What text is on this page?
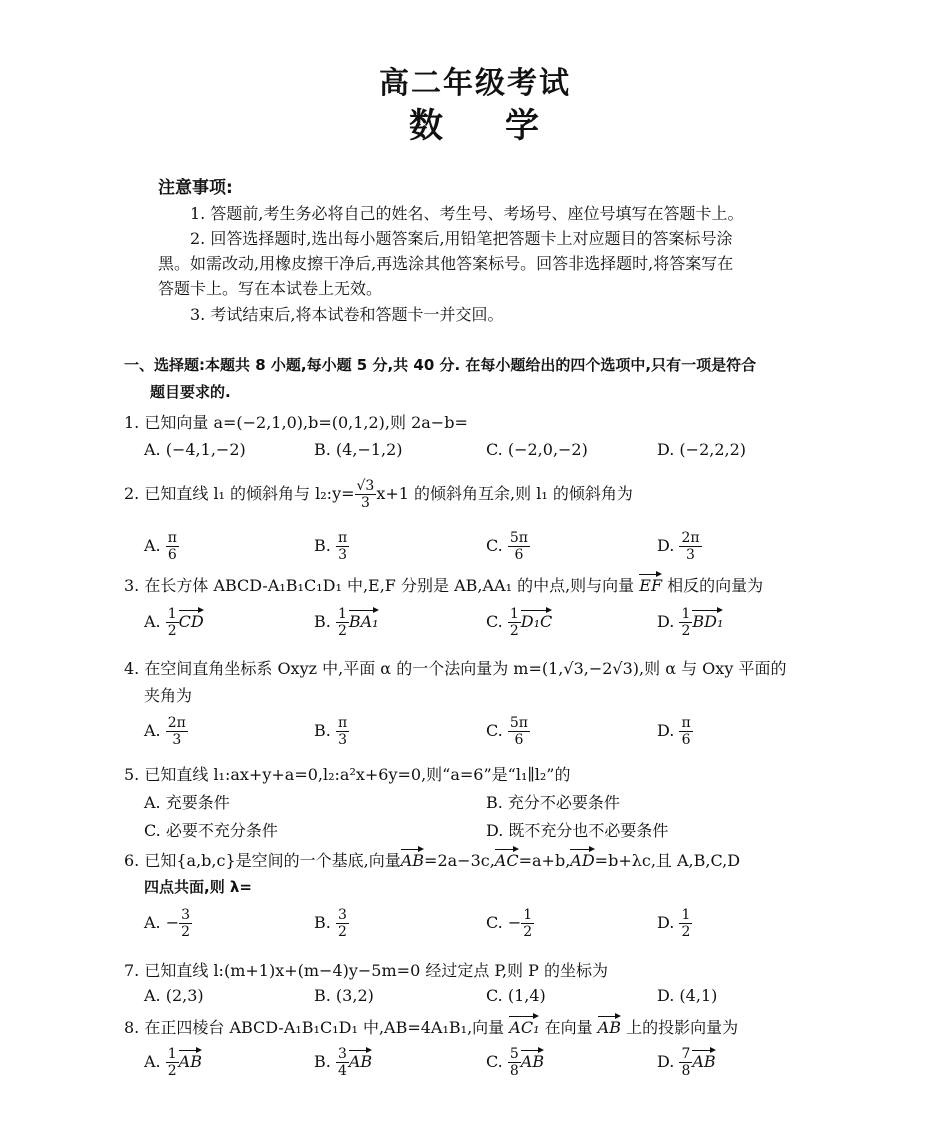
高二年级考试
数学
注意事项:
1. 答题前,考生务必将自己的姓名、考生号、考场号、座位号填写在答题卡上。
2. 回答选择题时,选出每小题答案后,用铅笔把答题卡上对应题目的答案标号涂
黑。如需改动,用橡皮擦干净后,再选涂其他答案标号。回答非选择题时,将答案写在
答题卡上。写在本试卷上无效。
3. 考试结束后,将本试卷和答题卡一并交回。
一、选择题:本题共 8 小题,每小题 5 分,共 40 分. 在每小题给出的四个选项中,只有一项是符合
题目要求的.
1. 已知向量 a=(−2,1,0),b=(0,1,2),则 2a−b=
A. (−4,1,−2)	B. (4,−1,2)	C. (−2,0,−2)	D. (−2,2,2)
2. 已知直线 l₁ 的倾斜角与 l₂:y= $\frac{√3}{3} x+1$ 的倾斜角互余,则 l₁ 的倾斜角为
A. $\frac{\pi}{6}$	B. $\frac{\pi}{3}$	C. $\frac{5\pi}{6}$	D. $\frac{2\pi}{3}$
3. 在长方体 ABCD-A₁B₁C₁D₁ 中,E,F 分别是 AB,AA₁ 的中点,则与向量 EF 相反的向量为
A. $\frac{1}{2}$ CD	B. $\frac{1}{2} BA_1$	C. $\frac{1}{2} D_1C$	D. $\frac{1}{2} BD_1$
4. 在空间直角坐标系 Oxyz 中,平面 α 的一个法向量为 m=(1,√3,−2√3),则 α 与 Oxy 平面的
夹角为
A. $\frac{2\pi}{3}$	B. $\frac{\pi}{3}$	C. $\frac{5\pi}{6}$	D. $\frac{\pi}{6}$
5. 已知直线 l₁:ax+y+a=0,l₂:a²x+6y=0,则“a=6”是“l₁∥l₂”的
A. 充要条件	B. 充分不必要条件
C. 必要不充分条件	D. 既不充分也不必要条件
6. 已知{a,b,c}是空间的一个基底,向量AB=2a−3c,AC=a+b,AD=b+λc,且 A,B,C,D
四点共面,则 λ=
A. − $\frac{3}{2}$	B. $\frac{3}{2}$	C. − $\frac{1}{2}$	D. $\frac{1}{2}$
7. 已知直线 l:(m+1)x+(m−4)y−5m=0 经过定点 P,则 P 的坐标为
A. (2,3)	B. (3,2)	C. (1,4)	D. (4,1)
8. 在正四棱台 ABCD-A₁B₁C₁D₁ 中,AB=4A₁B₁,向量 AC₁ 在向量 AB 上的投影向量为
A. $\frac{1}{2}$ AB	B. $\frac{3}{4}$ AB	C. $\frac{5}{8}$ AB	D. $\frac{7}{8}$ AB
